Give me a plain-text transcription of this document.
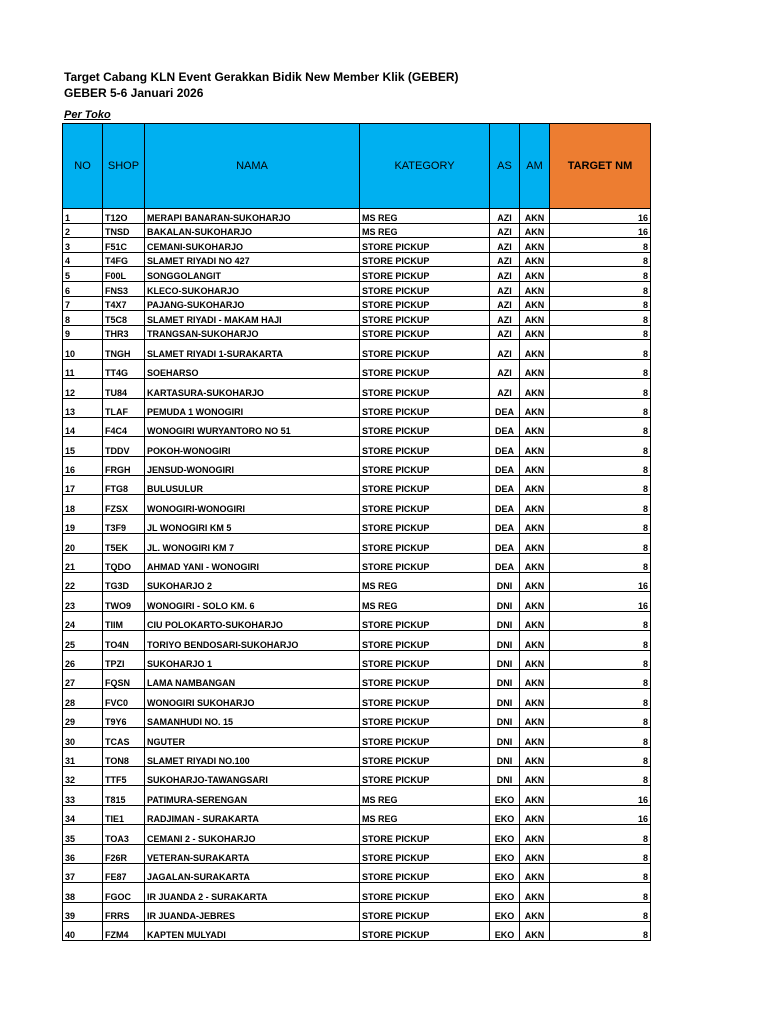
Target Cabang KLN Event Gerakkan Bidik New Member Klik (GEBER)
GEBER 5-6 Januari 2026
Per Toko
NO	SHOP	NAMA	KATEGORY	AS	AM	TARGET NM
1	T12O	MERAPI BANARAN-SUKOHARJO	MS REG	AZI	AKN	16
2	TNSD	BAKALAN-SUKOHARJO	MS REG	AZI	AKN	16
3	F51C	CEMANI-SUKOHARJO	STORE PICKUP	AZI	AKN	8
4	T4FG	SLAMET RIYADI NO 427	STORE PICKUP	AZI	AKN	8
5	F00L	SONGGOLANGIT	STORE PICKUP	AZI	AKN	8
6	FNS3	KLECO-SUKOHARJO	STORE PICKUP	AZI	AKN	8
7	T4X7	PAJANG-SUKOHARJO	STORE PICKUP	AZI	AKN	8
8	T5C8	SLAMET RIYADI - MAKAM HAJI	STORE PICKUP	AZI	AKN	8
9	THR3	TRANGSAN-SUKOHARJO	STORE PICKUP	AZI	AKN	8
10	TNGH	SLAMET RIYADI 1-SURAKARTA	STORE PICKUP	AZI	AKN	8
11	TT4G	SOEHARSO	STORE PICKUP	AZI	AKN	8
12	TU84	KARTASURA-SUKOHARJO	STORE PICKUP	AZI	AKN	8
13	TLAF	PEMUDA 1 WONOGIRI	STORE PICKUP	DEA	AKN	8
14	F4C4	WONOGIRI WURYANTORO NO 51	STORE PICKUP	DEA	AKN	8
15	TDDV	POKOH-WONOGIRI	STORE PICKUP	DEA	AKN	8
16	FRGH	JENSUD-WONOGIRI	STORE PICKUP	DEA	AKN	8
17	FTG8	BULUSULUR	STORE PICKUP	DEA	AKN	8
18	FZSX	WONOGIRI-WONOGIRI	STORE PICKUP	DEA	AKN	8
19	T3F9	JL WONOGIRI KM 5	STORE PICKUP	DEA	AKN	8
20	T5EK	JL. WONOGIRI KM 7	STORE PICKUP	DEA	AKN	8
21	TQDO	AHMAD YANI - WONOGIRI	STORE PICKUP	DEA	AKN	8
22	TG3D	SUKOHARJO 2	MS REG	DNI	AKN	16
23	TWO9	WONOGIRI - SOLO KM. 6	MS REG	DNI	AKN	16
24	TIIM	CIU POLOKARTO-SUKOHARJO	STORE PICKUP	DNI	AKN	8
25	TO4N	TORIYO BENDOSARI-SUKOHARJO	STORE PICKUP	DNI	AKN	8
26	TPZI	SUKOHARJO 1	STORE PICKUP	DNI	AKN	8
27	FQSN	LAMA NAMBANGAN	STORE PICKUP	DNI	AKN	8
28	FVC0	WONOGIRI SUKOHARJO	STORE PICKUP	DNI	AKN	8
29	T9Y6	SAMANHUDI NO. 15	STORE PICKUP	DNI	AKN	8
30	TCAS	NGUTER	STORE PICKUP	DNI	AKN	8
31	TON8	SLAMET RIYADI NO.100	STORE PICKUP	DNI	AKN	8
32	TTF5	SUKOHARJO-TAWANGSARI	STORE PICKUP	DNI	AKN	8
33	T815	PATIMURA-SERENGAN	MS REG	EKO	AKN	16
34	TIE1	RADJIMAN - SURAKARTA	MS REG	EKO	AKN	16
35	TOA3	CEMANI 2 - SUKOHARJO	STORE PICKUP	EKO	AKN	8
36	F26R	VETERAN-SURAKARTA	STORE PICKUP	EKO	AKN	8
37	FE87	JAGALAN-SURAKARTA	STORE PICKUP	EKO	AKN	8
38	FGOC	IR JUANDA 2 - SURAKARTA	STORE PICKUP	EKO	AKN	8
39	FRRS	IR JUANDA-JEBRES	STORE PICKUP	EKO	AKN	8
40	FZM4	KAPTEN MULYADI	STORE PICKUP	EKO	AKN	8
